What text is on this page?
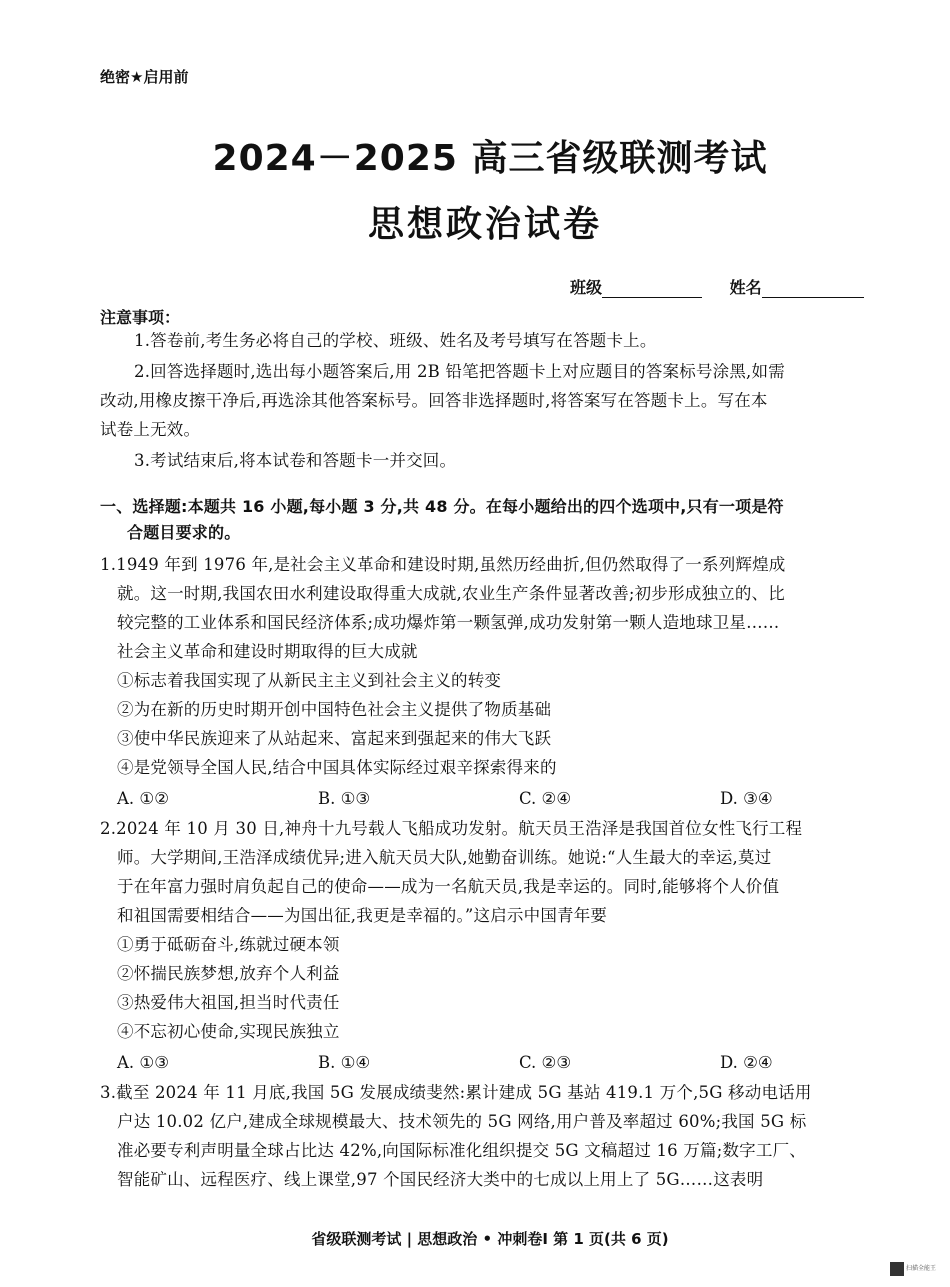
绝密★启用前
2024－2025 高三省级联测考试
思想政治试卷
班级	姓名
注意事项：
1.答卷前,考生务必将自己的学校、班级、姓名及考号填写在答题卡上。
2.回答选择题时,选出每小题答案后,用 2B 铅笔把答题卡上对应题目的答案标号涂黑,如需
改动,用橡皮擦干净后,再选涂其他答案标号。回答非选择题时,将答案写在答题卡上。写在本
试卷上无效。
3.考试结束后,将本试卷和答题卡一并交回。
一、选择题:本题共 16 小题,每小题 3 分,共 48 分。在每小题给出的四个选项中,只有一项是符
合题目要求的。
1.1949 年到 1976 年,是社会主义革命和建设时期,虽然历经曲折,但仍然取得了一系列辉煌成
就。这一时期,我国农田水利建设取得重大成就,农业生产条件显著改善;初步形成独立的、比
较完整的工业体系和国民经济体系;成功爆炸第一颗氢弹,成功发射第一颗人造地球卫星……
社会主义革命和建设时期取得的巨大成就
①标志着我国实现了从新民主主义到社会主义的转变
②为在新的历史时期开创中国特色社会主义提供了物质基础
③使中华民族迎来了从站起来、富起来到强起来的伟大飞跃
④是党领导全国人民,结合中国具体实际经过艰辛探索得来的
A. ①②	B. ①③	C. ②④	D. ③④
2.2024 年 10 月 30 日,神舟十九号载人飞船成功发射。航天员王浩泽是我国首位女性飞行工程
师。大学期间,王浩泽成绩优异;进入航天员大队,她勤奋训练。她说:“人生最大的幸运,莫过
于在年富力强时肩负起自己的使命——成为一名航天员,我是幸运的。同时,能够将个人价值
和祖国需要相结合——为国出征,我更是幸福的。”这启示中国青年要
①勇于砥砺奋斗,练就过硬本领
②怀揣民族梦想,放弃个人利益
③热爱伟大祖国,担当时代责任
④不忘初心使命,实现民族独立
A. ①③	B. ①④	C. ②③	D. ②④
3.截至 2024 年 11 月底,我国 5G 发展成绩斐然:累计建成 5G 基站 419.1 万个,5G 移动电话用
户达 10.02 亿户,建成全球规模最大、技术领先的 5G 网络,用户普及率超过 60%;我国 5G 标
准必要专利声明量全球占比达 42%,向国际标准化组织提交 5G 文稿超过 16 万篇;数字工厂、
智能矿山、远程医疗、线上课堂,97 个国民经济大类中的七成以上用上了 5G……这表明
省级联测考试 | 思想政治 • 冲刺卷Ⅰ 第 1 页(共 6 页)
扫描全能王
